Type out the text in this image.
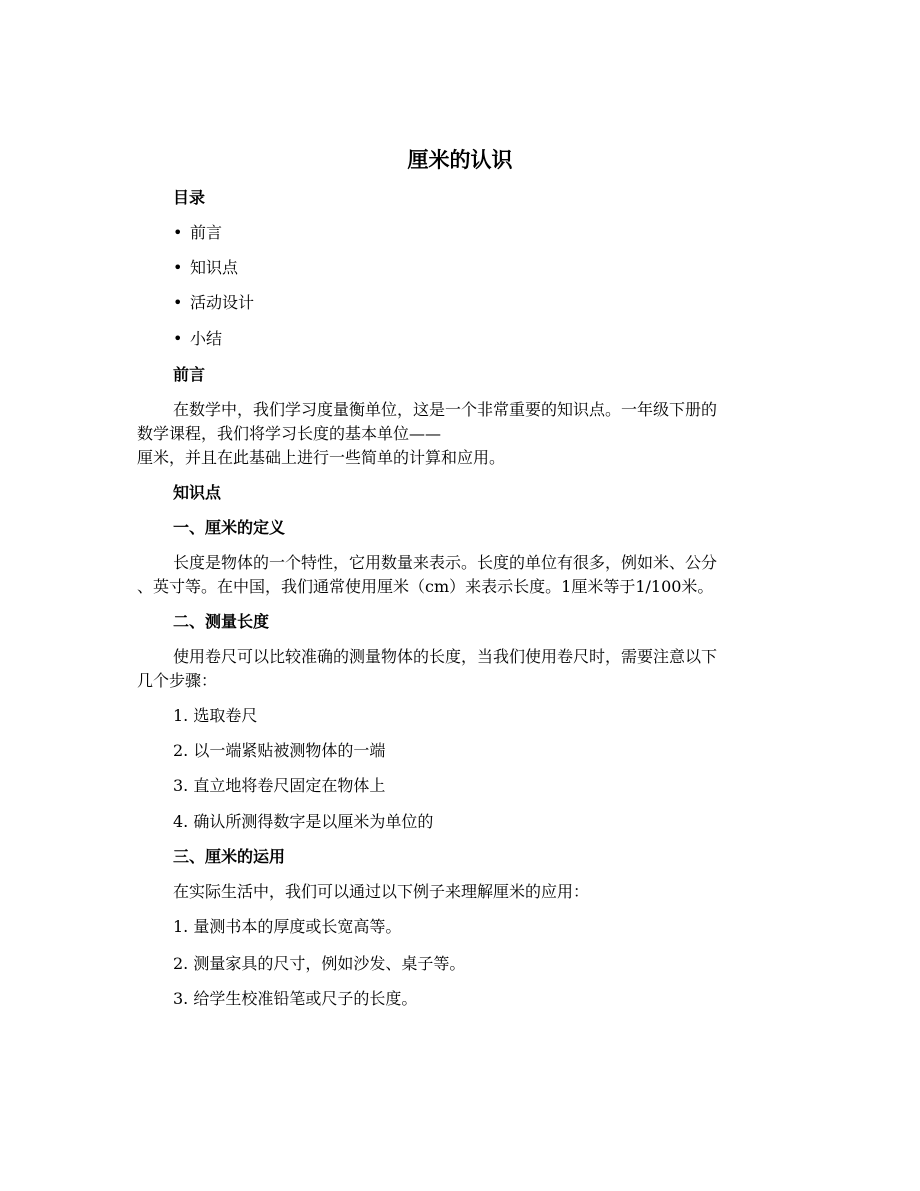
厘米的认识
目录
• 前言
• 知识点
• 活动设计
• 小结
前言
在数学中，我们学习度量衡单位，这是一个非常重要的知识点。一年级下册的
数学课程，我们将学习长度的基本单位——
厘米，并且在此基础上进行一些简单的计算和应用。
知识点
一、厘米的定义
长度是物体的一个特性，它用数量来表示。长度的单位有很多，例如米、公分
、英寸等。在中国，我们通常使用厘米（cm）来表示长度。1厘米等于1/100米。
二、测量长度
使用卷尺可以比较准确的测量物体的长度，当我们使用卷尺时，需要注意以下
几个步骤：
1. 选取卷尺
2. 以一端紧贴被测物体的一端
3. 直立地将卷尺固定在物体上
4. 确认所测得数字是以厘米为单位的
三、厘米的运用
在实际生活中，我们可以通过以下例子来理解厘米的应用：
1. 量测书本的厚度或长宽高等。
2. 测量家具的尺寸，例如沙发、桌子等。
3. 给学生校准铅笔或尺子的长度。
